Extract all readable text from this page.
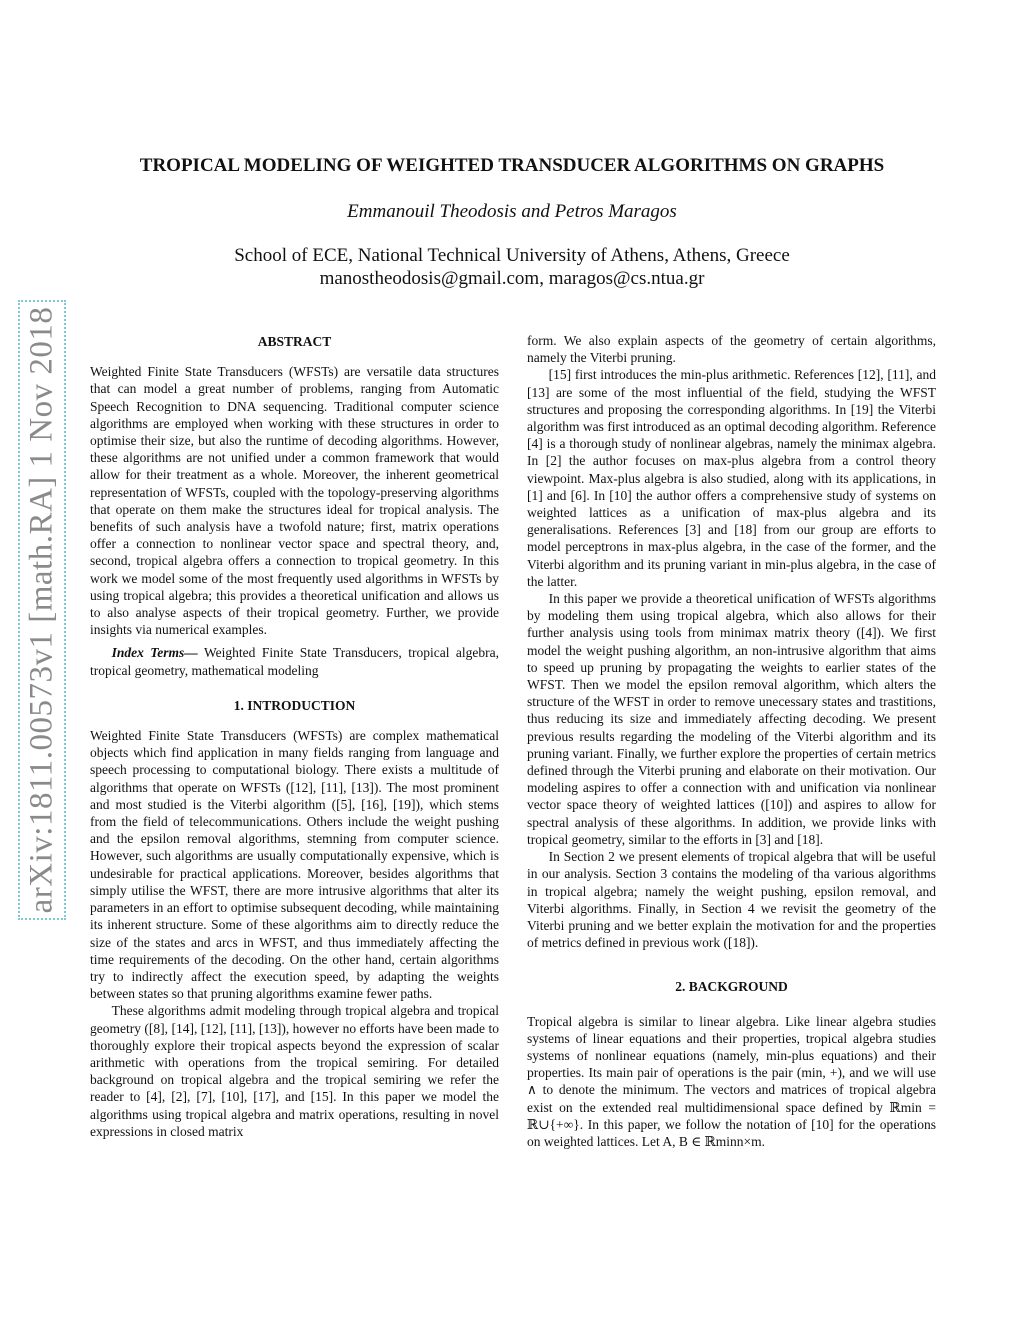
arXiv:1811.00573v1 [math.RA] 1 Nov 2018
TROPICAL MODELING OF WEIGHTED TRANSDUCER ALGORITHMS ON GRAPHS
Emmanouil Theodosis and Petros Maragos
School of ECE, National Technical University of Athens, Athens, Greece
manostheodosis@gmail.com, maragos@cs.ntua.gr

ABSTRACT

Weighted Finite State Transducers (WFSTs) are versatile data structures that can model a great number of problems, ranging from Automatic Speech Recognition to DNA sequencing. Traditional computer science algorithms are employed when working with these structures in order to optimise their size, but also the runtime of decoding algorithms. However, these algorithms are not unified under a common framework that would allow for their treatment as a whole. Moreover, the inherent geometrical representation of WFSTs, coupled with the topology-preserving algorithms that operate on them make the structures ideal for tropical analysis. The benefits of such analysis have a twofold nature; first, matrix operations offer a connection to nonlinear vector space and spectral theory, and, second, tropical algebra offers a connection to tropical geometry. In this work we model some of the most frequently used algorithms in WFSTs by using tropical algebra; this provides a theoretical unification and allows us to also analyse aspects of their tropical geometry. Further, we provide insights via numerical examples.

Index Terms— Weighted Finite State Transducers, tropical algebra, tropical geometry, mathematical modeling

1. INTRODUCTION

Weighted Finite State Transducers (WFSTs) are complex mathematical objects which find application in many fields ranging from language and speech processing to computational biology. There exists a multitude of algorithms that operate on WFSTs ([12], [11], [13]). The most prominent and most studied is the Viterbi algorithm ([5], [16], [19]), which stems from the field of telecommunications. Others include the weight pushing and the epsilon removal algorithms, stemning from computer science. However, such algorithms are usually computationally expensive, which is undesirable for practical applications. Moreover, besides algorithms that simply utilise the WFST, there are more intrusive algorithms that alter its parameters in an effort to optimise subsequent decoding, while maintaining its inherent structure. Some of these algorithms aim to directly reduce the size of the states and arcs in WFST, and thus immediately affecting the time requirements of the decoding. On the other hand, certain algorithms try to indirectly affect the execution speed, by adapting the weights between states so that pruning algorithms examine fewer paths.

These algorithms admit modeling through tropical algebra and tropical geometry ([8], [14], [12], [11], [13]), however no efforts have been made to thoroughly explore their tropical aspects beyond the expression of scalar arithmetic with operations from the tropical semiring. For detailed background on tropical algebra and the tropical semiring we refer the reader to [4], [2], [7], [10], [17], and [15]. In this paper we model the algorithms using tropical algebra and matrix operations, resulting in novel expressions in closed matrix

form. We also explain aspects of the geometry of certain algorithms, namely the Viterbi pruning.

[15] first introduces the min-plus arithmetic. References [12], [11], and [13] are some of the most influential of the field, studying the WFST structures and proposing the corresponding algorithms. In [19] the Viterbi algorithm was first introduced as an optimal decoding algorithm. Reference [4] is a thorough study of nonlinear algebras, namely the minimax algebra. In [2] the author focuses on max-plus algebra from a control theory viewpoint. Max-plus algebra is also studied, along with its applications, in [1] and [6]. In [10] the author offers a comprehensive study of systems on weighted lattices as a unification of max-plus algebra and its generalisations. References [3] and [18] from our group are efforts to model perceptrons in max-plus algebra, in the case of the former, and the Viterbi algorithm and its pruning variant in min-plus algebra, in the case of the latter.

In this paper we provide a theoretical unification of WFSTs algorithms by modeling them using tropical algebra, which also allows for their further analysis using tools from minimax matrix theory ([4]). We first model the weight pushing algorithm, an non-intrusive algorithm that aims to speed up pruning by propagating the weights to earlier states of the WFST. Then we model the epsilon removal algorithm, which alters the structure of the WFST in order to remove unecessary states and trastitions, thus reducing its size and immediately affecting decoding. We present previous results regarding the modeling of the Viterbi algorithm and its pruning variant. Finally, we further explore the properties of certain metrics defined through the Viterbi pruning and elaborate on their motivation. Our modeling aspires to offer a connection with and unification via nonlinear vector space theory of weighted lattices ([10]) and aspires to allow for spectral analysis of these algorithms. In addition, we provide links with tropical geometry, similar to the efforts in [3] and [18].

In Section 2 we present elements of tropical algebra that will be useful in our analysis. Section 3 contains the modeling of tha various algorithms in tropical algebra; namely the weight pushing, epsilon removal, and Viterbi algorithms. Finally, in Section 4 we revisit the geometry of the Viterbi pruning and we better explain the motivation for and the properties of metrics defined in previous work ([18]).

2. BACKGROUND

Tropical algebra is similar to linear algebra. Like linear algebra studies systems of linear equations and their properties, tropical algebra studies systems of nonlinear equations (namely, min-plus equations) and their properties. Its main pair of operations is the pair (min, +), and we will use ∧ to denote the minimum. The vectors and matrices of tropical algebra exist on the extended real multidimensional space defined by ℝmin = ℝ∪{+∞}. In this paper, we follow the notation of [10] for the operations on weighted lattices. Let A, B ∈ ℝminn×m.
